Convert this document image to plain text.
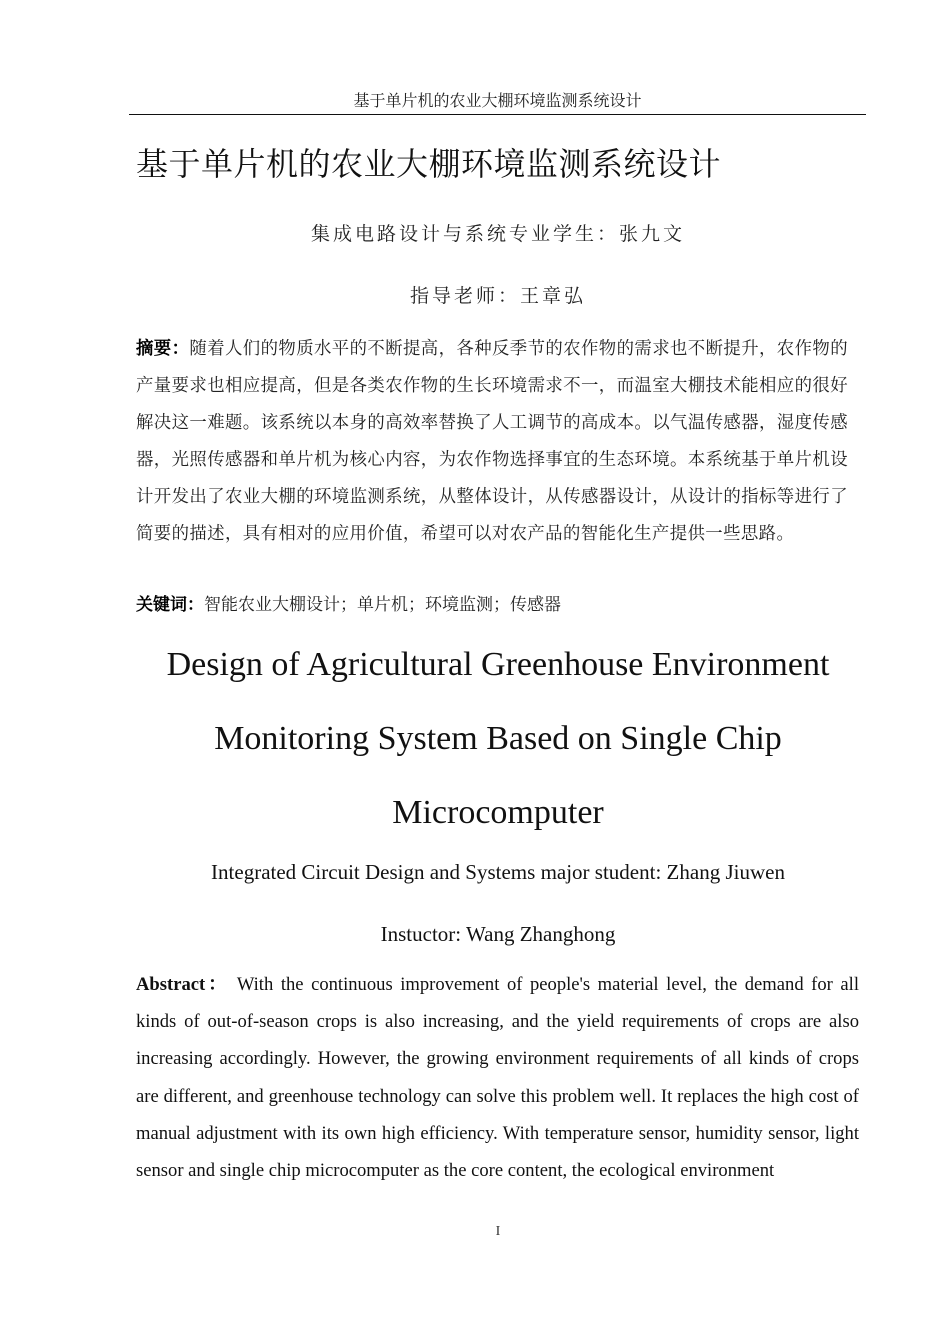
基于单片机的农业大棚环境监测系统设计
基于单片机的农业大棚环境监测系统设计
集成电路设计与系统专业学生：张九文
指导老师：王章弘
摘要：随着人们的物质水平的不断提高，各种反季节的农作物的需求也不断提升，农作物的产量要求也相应提高，但是各类农作物的生长环境需求不一，而温室大棚技术能相应的很好解决这一难题。该系统以本身的高效率替换了人工调节的高成本。以气温传感器，湿度传感器，光照传感器和单片机为核心内容，为农作物选择事宜的生态环境。本系统基于单片机设计开发出了农业大棚的环境监测系统，从整体设计，从传感器设计，从设计的指标等进行了简要的描述，具有相对的应用价值，希望可以对农产品的智能化生产提供一些思路。
关键词：智能农业大棚设计；单片机；环境监测；传感器
Design of Agricultural Greenhouse Environment
Monitoring System Based on Single Chip
Microcomputer
Integrated Circuit Design and Systems major student: Zhang Jiuwen
Instuctor: Wang Zhanghong
Abstract： With the continuous improvement of people's material level, the demand for all kinds of out-of-season crops is also increasing, and the yield requirements of crops are also increasing accordingly. However, the growing environment requirements of all kinds of crops are different, and greenhouse technology can solve this problem well. It replaces the high cost of manual adjustment with its own high efficiency. With temperature sensor, humidity sensor, light sensor and single chip microcomputer as the core content, the ecological environment
I
